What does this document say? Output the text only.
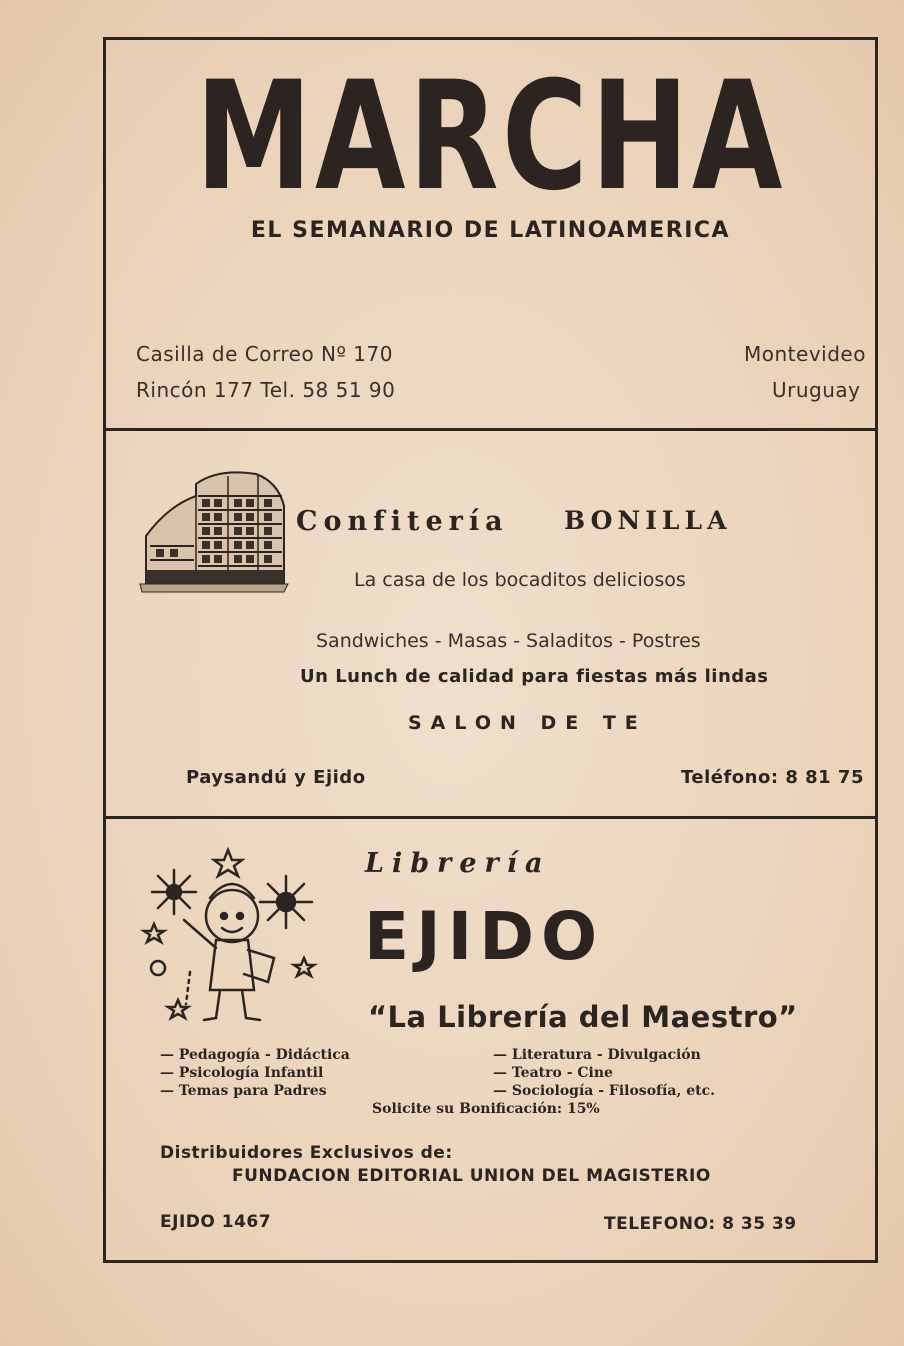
MARCHA
EL SEMANARIO DE LATINOAMERICA
Casilla de Correo Nº 170
Rincón 177 Tel. 58 51 90
Montevideo
Uruguay
Confitería BONILLA
La casa de los bocaditos deliciosos
Sandwiches - Masas - Saladitos - Postres
Un Lunch de calidad para fiestas más lindas
SALON DE TE
Paysandú y Ejido	Teléfono: 8 81 75
Librería
EJIDO
“La Librería del Maestro”
— Pedagogía - Didáctica
— Psicología Infantil
— Temas para Padres
— Literatura - Divulgación
— Teatro - Cine
— Sociología - Filosofía, etc.
Solicite su Bonificación: 15%
Distribuidores Exclusivos de:
FUNDACION EDITORIAL UNION DEL MAGISTERIO
EJIDO 1467	TELEFONO: 8 35 39
